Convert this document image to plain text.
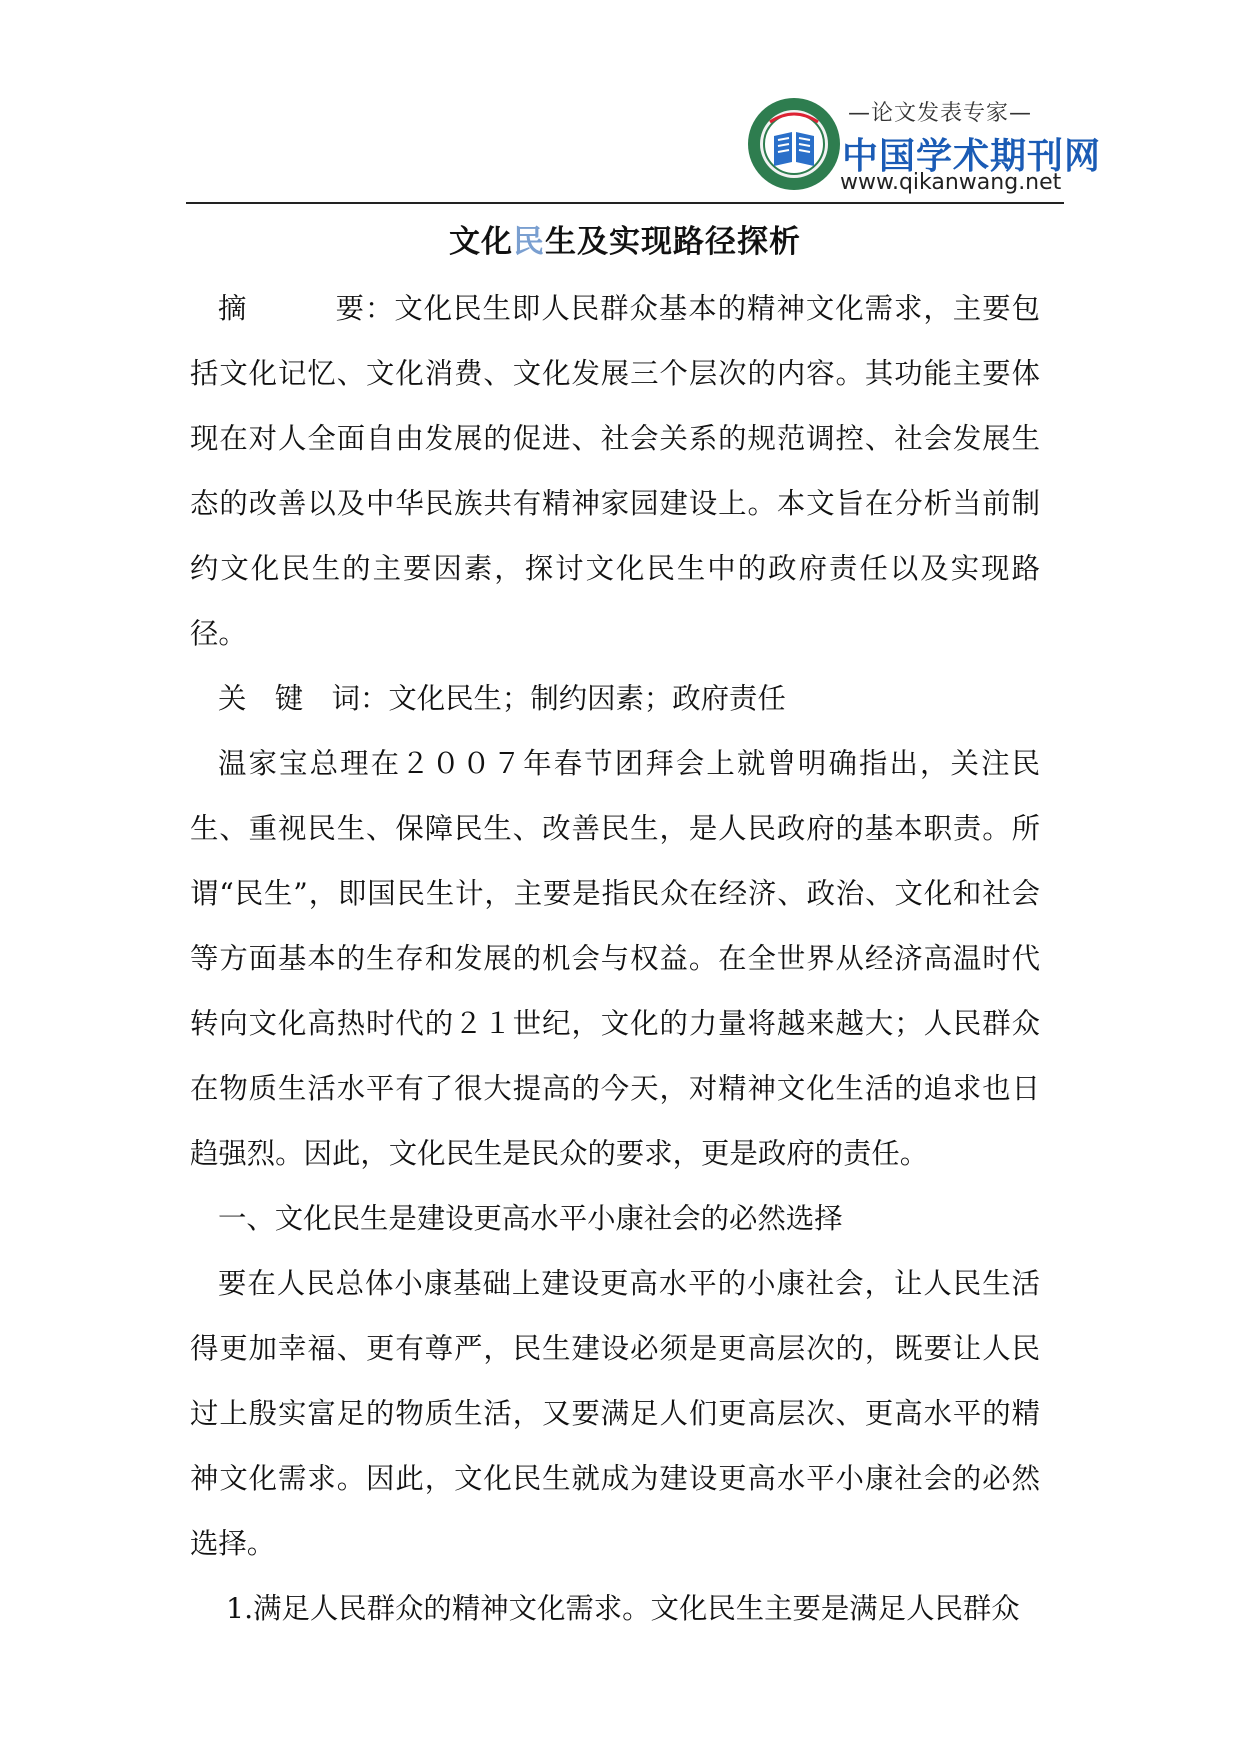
—论文发表专家—
中国学术期刊网
www.qikanwang.net
文化民生及实现路径探析

摘　　　要：文化民生即人民群众基本的精神文化需求，主要包括文化记忆、文化消费、文化发展三个层次的内容。其功能主要体现在对人全面自由发展的促进、社会关系的规范调控、社会发展生态的改善以及中华民族共有精神家园建设上。本文旨在分析当前制约文化民生的主要因素，探讨文化民生中的政府责任以及实现路径。

关　键　词：文化民生；制约因素；政府责任

温家宝总理在２００７年春节团拜会上就曾明确指出，关注民生、重视民生、保障民生、改善民生，是人民政府的基本职责。所谓“民生”，即国民生计，主要是指民众在经济、政治、文化和社会等方面基本的生存和发展的机会与权益。在全世界从经济高温时代转向文化高热时代的２１世纪，文化的力量将越来越大；人民群众在物质生活水平有了很大提高的今天，对精神文化生活的追求也日趋强烈。因此，文化民生是民众的要求，更是政府的责任。

一、文化民生是建设更高水平小康社会的必然选择

要在人民总体小康基础上建设更高水平的小康社会，让人民生活得更加幸福、更有尊严，民生建设必须是更高层次的，既要让人民过上殷实富足的物质生活，又要满足人们更高层次、更高水平的精神文化需求。因此，文化民生就成为建设更高水平小康社会的必然选择。

1.满足人民群众的精神文化需求。文化民生主要是满足人民群众
